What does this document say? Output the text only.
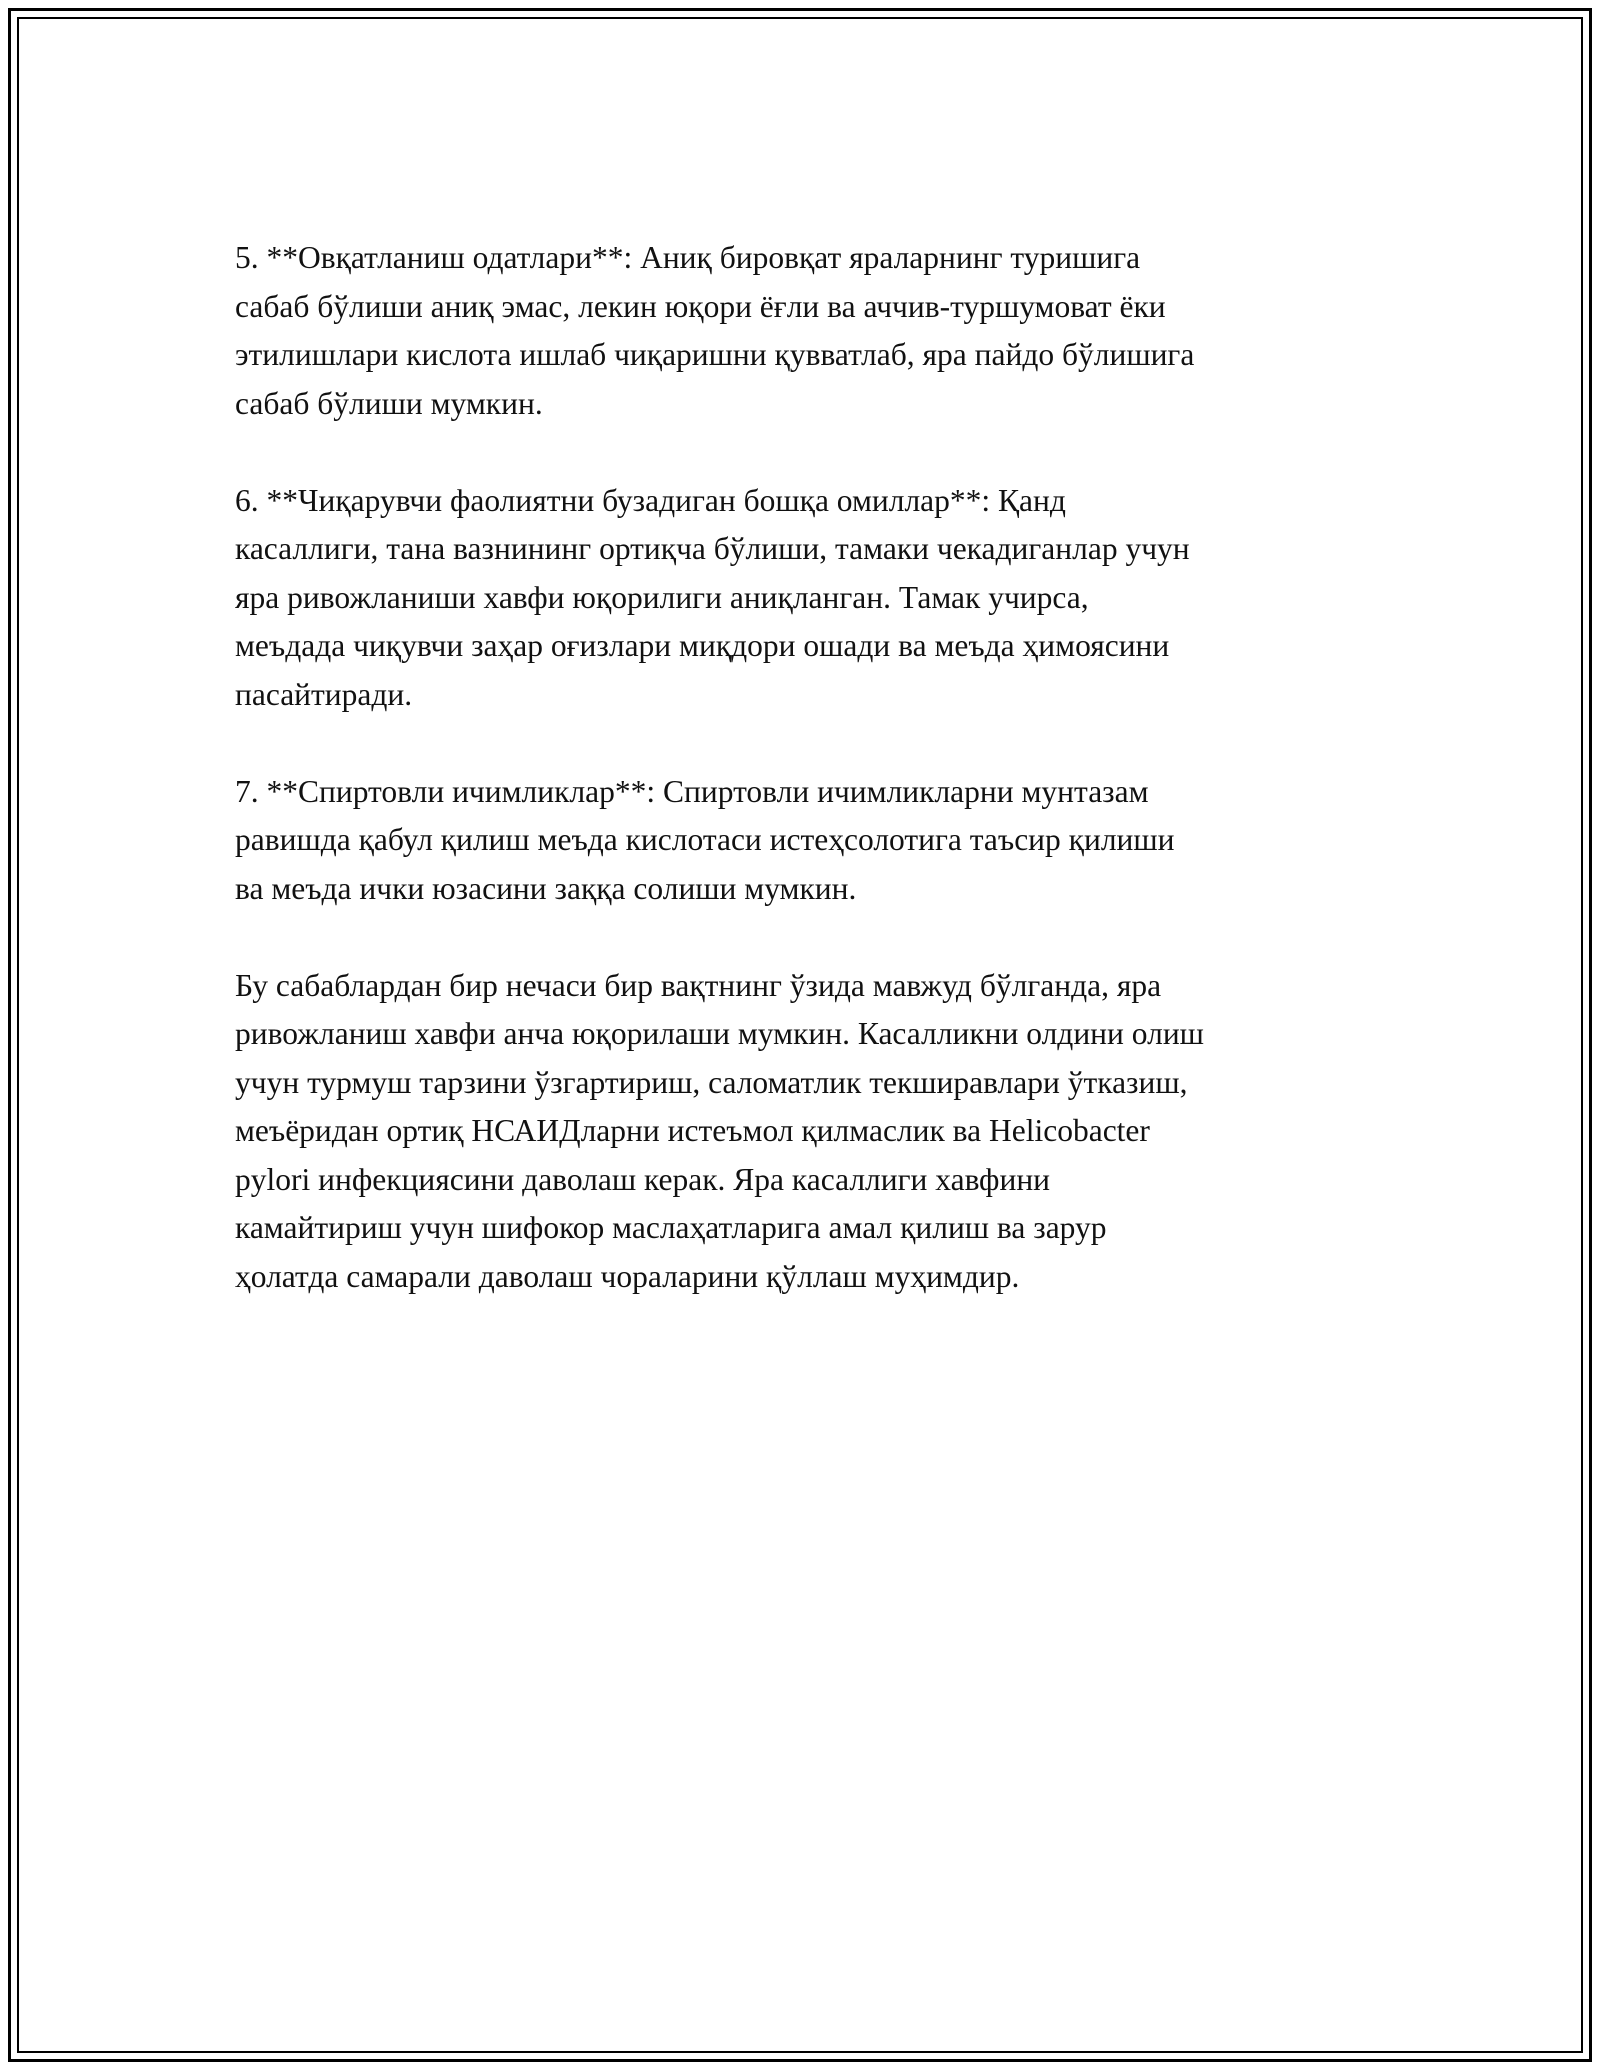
5. **Овқатланиш одатлари**: Аниқ бировқат яраларнинг туришига
сабаб бўлиши аниқ эмас, лекин юқори ёғли ва аччив-туршумоват ёки
этилишлари кислота ишлаб чиқаришни қувватлаб, яра пайдо бўлишига
сабаб бўлиши мумкин.

6. **Чиқарувчи фаолиятни бузадиган бошқа омиллар**: Қанд
касаллиги, тана вазнининг ортиқча бўлиши, тамаки чекадиганлар учун
яра ривожланиши хавфи юқорилиги аниқланган. Тамак учирса,
меъдада чиқувчи заҳар оғизлари миқдори ошади ва меъда ҳимоясини
пасайтиради.

7. **Спиртовли ичимликлар**: Спиртовли ичимликларни мунтазам
равишда қабул қилиш меъда кислотаси истеҳсолотига таъсир қилиши
ва меъда ички юзасини заққа солиши мумкин.

Бу сабаблардан бир нечаси бир вақтнинг ўзида мавжуд бўлганда, яра
ривожланиш хавфи анча юқорилаши мумкин. Касалликни олдини олиш
учун турмуш тарзини ўзгартириш, саломатлик текширавлари ўтказиш,
меъёридан ортиқ НСАИДларни истеъмол қилмаслик ва Helicobacter
pylori инфекциясини даволаш керак. Яра касаллиги хавфини
камайтириш учун шифокор маслаҳатларига амал қилиш ва зарур
ҳолатда самарали даволаш чораларини қўллаш муҳимдир.
